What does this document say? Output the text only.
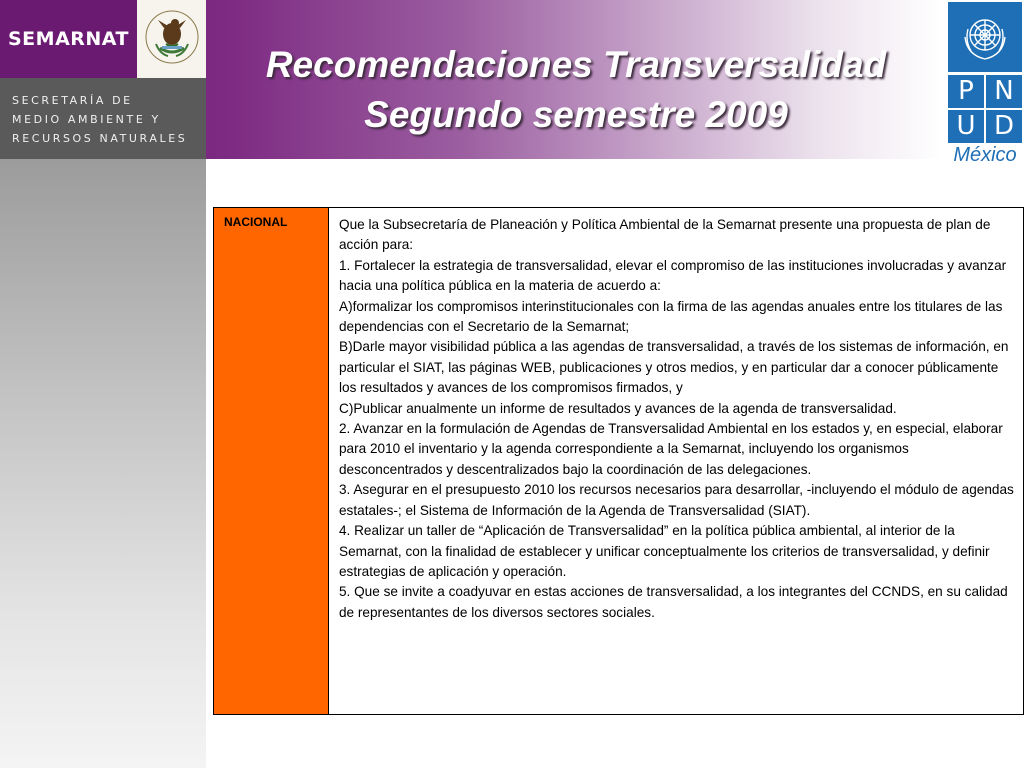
SEMARNAT
SECRETARÍA DE
MEDIO AMBIENTE Y
RECURSOS NATURALES
Recomendaciones Transversalidad
Segundo semestre 2009
P N
U D
México
NACIONAL	Que la Subsecretaría de Planeación y Política Ambiental de la Semarnat presente una propuesta de plan de acción para:

1. Fortalecer la estrategia de transversalidad, elevar el compromiso de las instituciones involucradas y avanzar hacia una política pública en la materia de acuerdo a:

A)formalizar los compromisos interinstitucionales con la firma de las agendas anuales entre los titulares de las dependencias con el Secretario de la Semarnat;

B)Darle mayor visibilidad pública a las agendas de transversalidad, a través de los sistemas de información, en particular el SIAT, las páginas WEB, publicaciones y otros medios, y en particular dar a conocer públicamente los resultados y avances de los compromisos firmados, y

C)Publicar anualmente un informe de resultados y avances de la agenda de transversalidad.

2. Avanzar en la formulación de Agendas de Transversalidad Ambiental en los estados y, en especial, elaborar para 2010 el inventario y la agenda correspondiente a la Semarnat, incluyendo los organismos desconcentrados y descentralizados bajo la coordinación de las delegaciones.

3. Asegurar en el presupuesto 2010 los recursos necesarios para desarrollar, -incluyendo el módulo de agendas estatales-; el Sistema de Información de la Agenda de Transversalidad (SIAT).

4. Realizar un taller de “Aplicación de Transversalidad” en la política pública ambiental, al interior de la Semarnat, con la finalidad de establecer y unificar conceptualmente los criterios de transversalidad, y definir estrategias de aplicación y operación.

5. Que se invite a coadyuvar en estas acciones de transversalidad, a los integrantes del CCNDS, en su calidad de representantes de los diversos sectores sociales.
